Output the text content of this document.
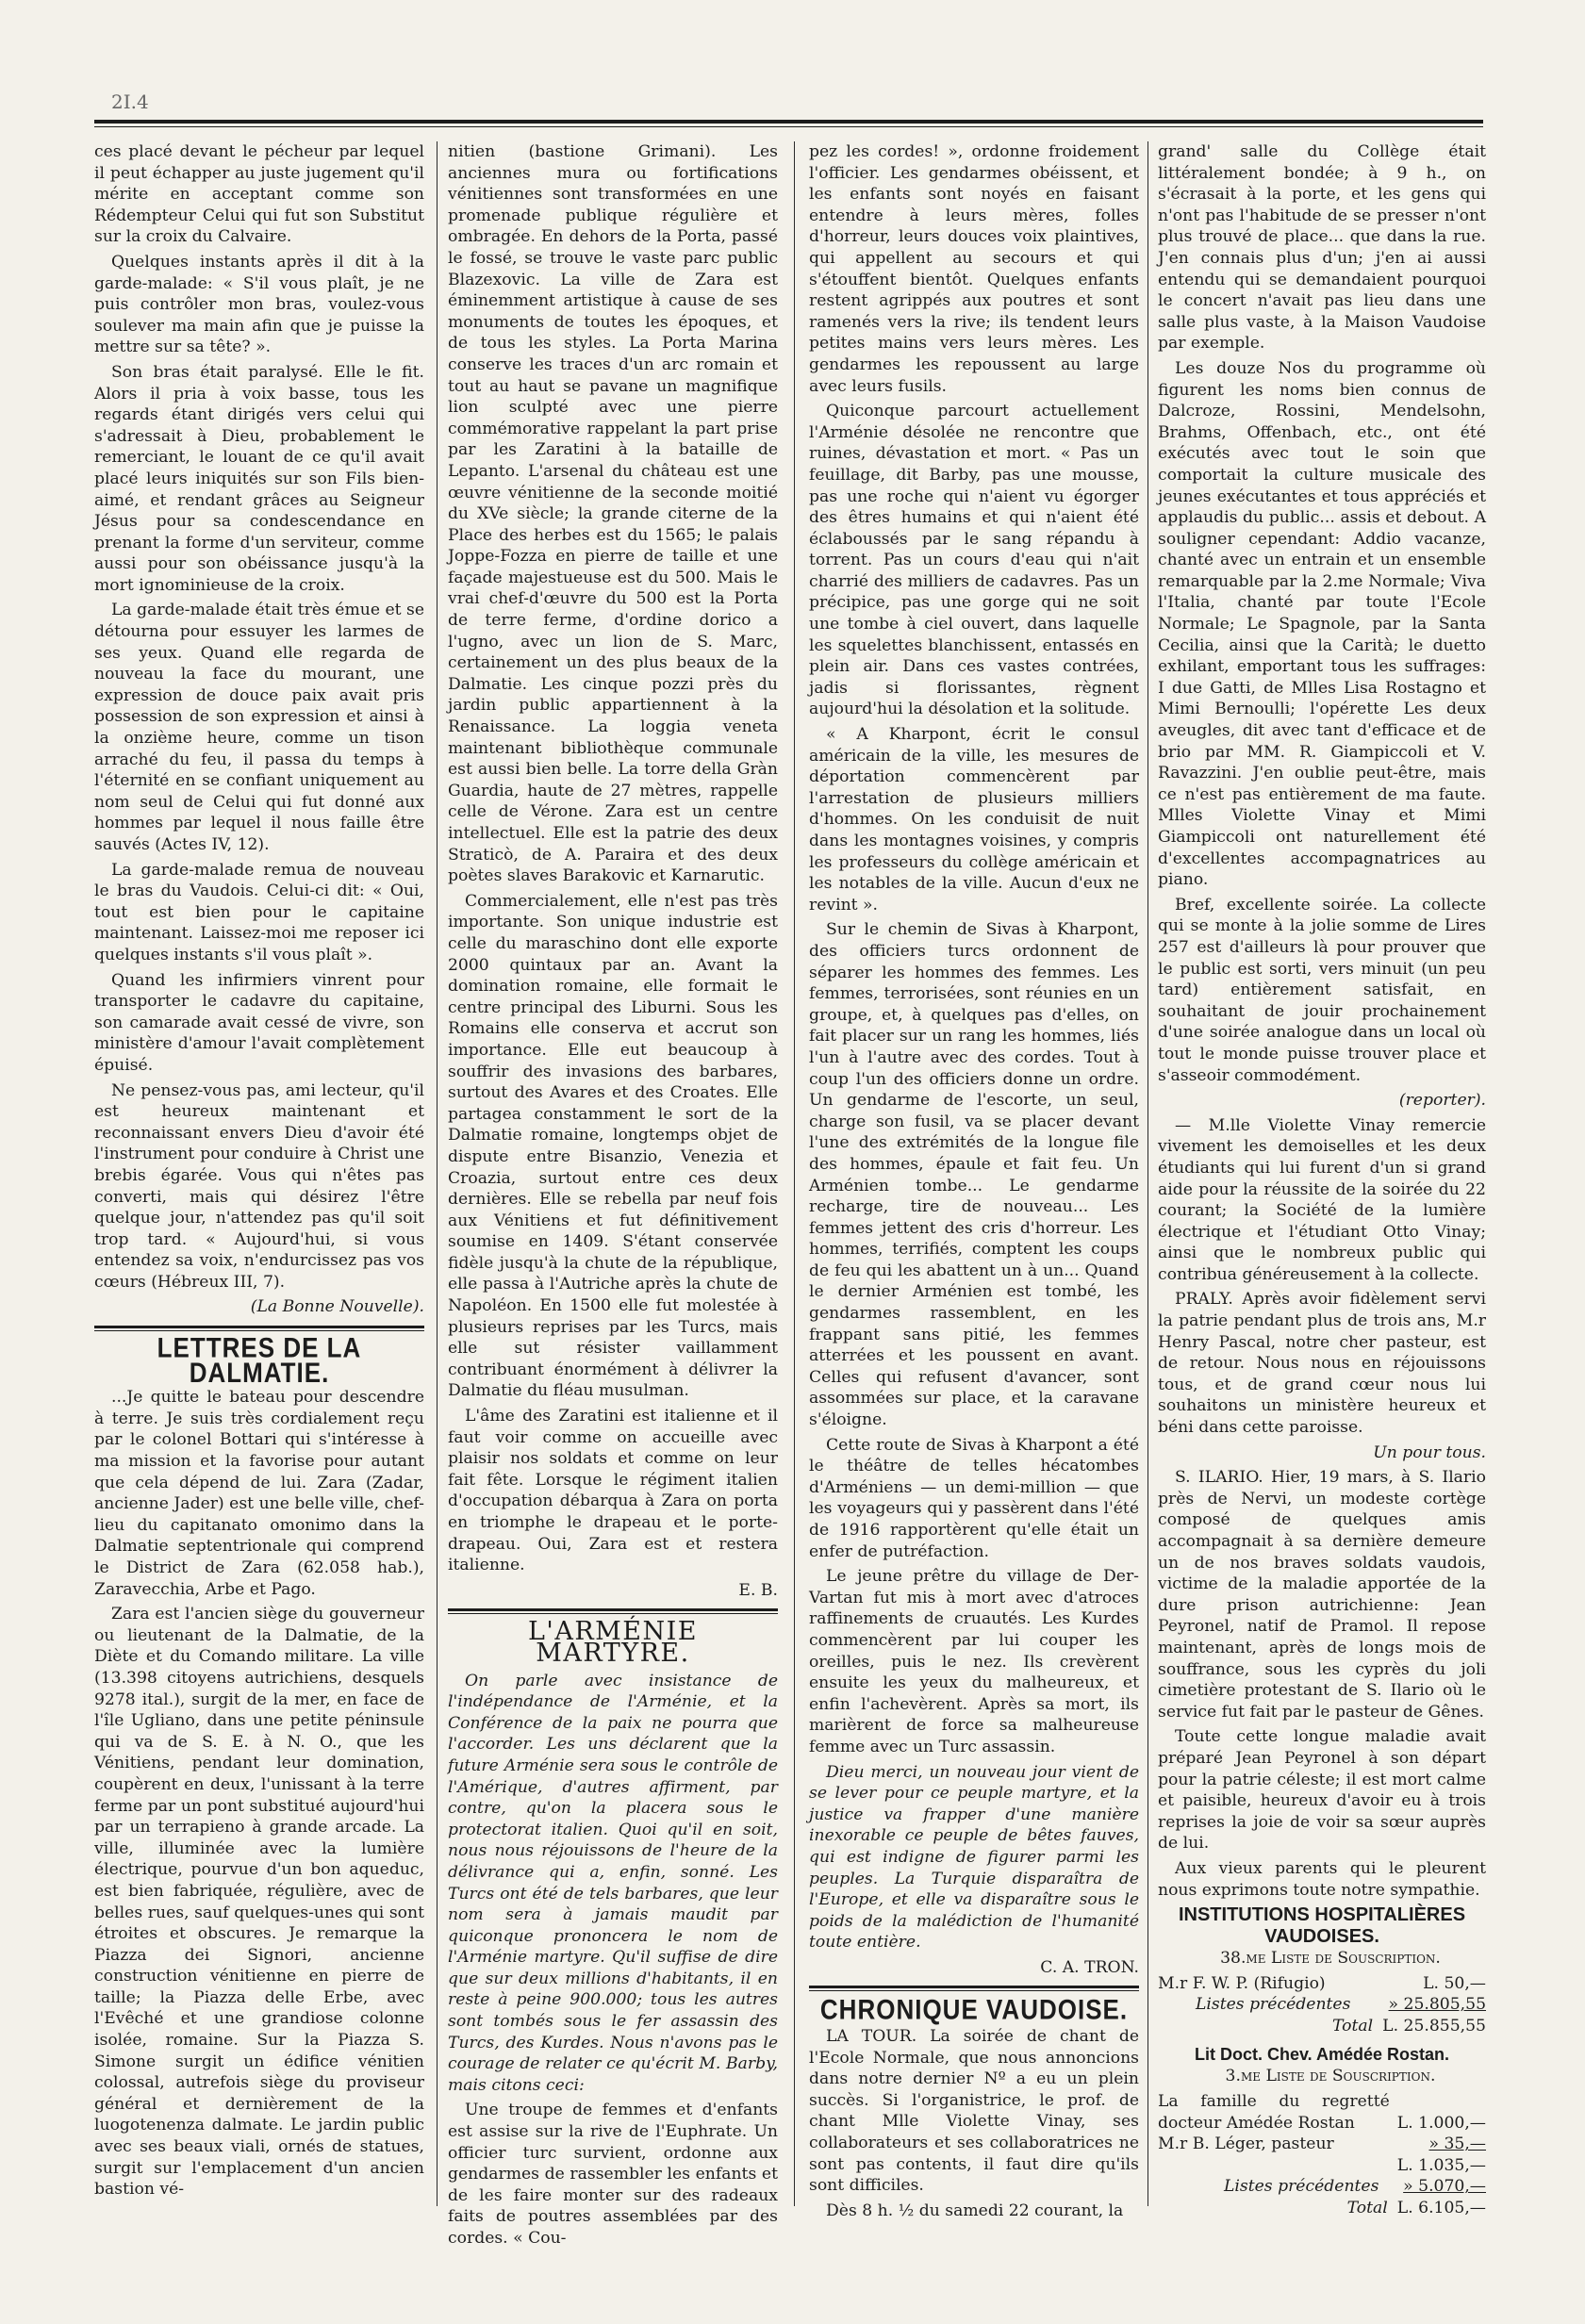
2I.4

ces placé devant le pécheur par lequel il peut échapper au juste jugement qu'il mérite en acceptant comme son Rédempteur Celui qui fut son Substitut sur la croix du Calvaire.

Quelques instants après il dit à la garde-malade: « S'il vous plaît, je ne puis contrôler mon bras, voulez-vous soulever ma main afin que je puisse la mettre sur sa tête? ».

Son bras était paralysé. Elle le fit. Alors il pria à voix basse, tous les regards étant dirigés vers celui qui s'adressait à Dieu, probablement le remerciant, le louant de ce qu'il avait placé leurs iniquités sur son Fils bien-aimé, et rendant grâces au Seigneur Jésus pour sa condescendance en prenant la forme d'un serviteur, comme aussi pour son obéissance jusqu'à la mort ignominieuse de la croix.

La garde-malade était très émue et se détourna pour essuyer les larmes de ses yeux. Quand elle regarda de nouveau la face du mourant, une expression de douce paix avait pris possession de son expression et ainsi à la onzième heure, comme un tison arraché du feu, il passa du temps à l'éternité en se confiant uniquement au nom seul de Celui qui fut donné aux hommes par lequel il nous faille être sauvés (Actes IV, 12).

La garde-malade remua de nouveau le bras du Vaudois. Celui-ci dit: « Oui, tout est bien pour le capitaine maintenant. Laissez-moi me reposer ici quelques instants s'il vous plaît ».

Quand les infirmiers vinrent pour transporter le cadavre du capitaine, son camarade avait cessé de vivre, son ministère d'amour l'avait complètement épuisé.

Ne pensez-vous pas, ami lecteur, qu'il est heureux maintenant et reconnaissant envers Dieu d'avoir été l'instrument pour conduire à Christ une brebis égarée. Vous qui n'êtes pas converti, mais qui désirez l'être quelque jour, n'attendez pas qu'il soit trop tard. « Aujourd'hui, si vous entendez sa voix, n'endurcissez pas vos cœurs (Hébreux III, 7).

(La Bonne Nouvelle).

LETTRES DE LA DALMATIE.

...Je quitte le bateau pour descendre à terre. Je suis très cordialement reçu par le colonel Bottari qui s'intéresse à ma mission et la favorise pour autant que cela dépend de lui. Zara (Zadar, ancienne Jader) est une belle ville, chef-lieu du capitanato omonimo dans la Dalmatie septentrionale qui comprend le District de Zara (62.058 hab.), Zaravecchia, Arbe et Pago.

Zara est l'ancien siège du gouverneur ou lieutenant de la Dalmatie, de la Diète et du Comando militare. La ville (13.398 citoyens autrichiens, desquels 9278 ital.), surgit de la mer, en face de l'île Ugliano, dans une petite péninsule qui va de S. E. à N. O., que les Vénitiens, pendant leur domination, coupèrent en deux, l'unissant à la terre ferme par un pont substitué aujourd'hui par un terrapieno à grande arcade. La ville, illuminée avec la lumière électrique, pourvue d'un bon aqueduc, est bien fabriquée, régulière, avec de belles rues, sauf quelques-unes qui sont étroites et obscures. Je remarque la Piazza dei Signori, ancienne construction vénitienne en pierre de taille; la Piazza delle Erbe, avec l'Evêché et une grandiose colonne isolée, romaine. Sur la Piazza S. Simone surgit un édifice vénitien colossal, autrefois siège du proviseur général et dernièrement de la luogotenenza dalmate. Le jardin public avec ses beaux viali, ornés de statues, surgit sur l'emplacement d'un ancien bastion vé-

nitien (bastione Grimani). Les anciennes mura ou fortifications vénitiennes sont transformées en une promenade publique régulière et ombragée. En dehors de la Porta, passé le fossé, se trouve le vaste parc public Blazexovic. La ville de Zara est éminemment artistique à cause de ses monuments de toutes les époques, et de tous les styles. La Porta Marina conserve les traces d'un arc romain et tout au haut se pavane un magnifique lion sculpté avec une pierre commémorative rappelant la part prise par les Zaratini à la bataille de Lepanto. L'arsenal du château est une œuvre vénitienne de la seconde moitié du XVe siècle; la grande citerne de la Place des herbes est du 1565; le palais Joppe-Fozza en pierre de taille et une façade majestueuse est du 500. Mais le vrai chef-d'œuvre du 500 est la Porta de terre ferme, d'ordine dorico a l'ugno, avec un lion de S. Marc, certainement un des plus beaux de la Dalmatie. Les cinque pozzi près du jardin public appartiennent à la Renaissance. La loggia veneta maintenant bibliothèque communale est aussi bien belle. La torre della Gràn Guardia, haute de 27 mètres, rappelle celle de Vérone. Zara est un centre intellectuel. Elle est la patrie des deux Straticò, de A. Paraira et des deux poètes slaves Barakovic et Karnarutic.

Commercialement, elle n'est pas très importante. Son unique industrie est celle du maraschino dont elle exporte 2000 quintaux par an. Avant la domination romaine, elle formait le centre principal des Liburni. Sous les Romains elle conserva et accrut son importance. Elle eut beaucoup à souffrir des invasions des barbares, surtout des Avares et des Croates. Elle partagea constamment le sort de la Dalmatie romaine, longtemps objet de dispute entre Bisanzio, Venezia et Croazia, surtout entre ces deux dernières. Elle se rebella par neuf fois aux Vénitiens et fut définitivement soumise en 1409. S'étant conservée fidèle jusqu'à la chute de la république, elle passa à l'Autriche après la chute de Napoléon. En 1500 elle fut molestée à plusieurs reprises par les Turcs, mais elle sut résister vaillamment contribuant énormément à délivrer la Dalmatie du fléau musulman.

L'âme des Zaratini est italienne et il faut voir comme on accueille avec plaisir nos soldats et comme on leur fait fête. Lorsque le régiment italien d'occupation débarqua à Zara on porta en triomphe le drapeau et le porte-drapeau. Oui, Zara est et restera italienne.

E. B.

L'ARMÉNIE MARTYRE.

On parle avec insistance de l'indépendance de l'Arménie, et la Conférence de la paix ne pourra que l'accorder. Les uns déclarent que la future Arménie sera sous le contrôle de l'Amérique, d'autres affirment, par contre, qu'on la placera sous le protectorat italien. Quoi qu'il en soit, nous nous réjouissons de l'heure de la délivrance qui a, enfin, sonné. Les Turcs ont été de tels barbares, que leur nom sera à jamais maudit par quiconque prononcera le nom de l'Arménie martyre. Qu'il suffise de dire que sur deux millions d'habitants, il en reste à peine 900.000; tous les autres sont tombés sous le fer assassin des Turcs, des Kurdes. Nous n'avons pas le courage de relater ce qu'écrit M. Barby, mais citons ceci:

Une troupe de femmes et d'enfants est assise sur la rive de l'Euphrate. Un officier turc survient, ordonne aux gendarmes de rassembler les enfants et de les faire monter sur des radeaux faits de poutres assemblées par des cordes. « Cou-

pez les cordes! », ordonne froidement l'officier. Les gendarmes obéissent, et les enfants sont noyés en faisant entendre à leurs mères, folles d'horreur, leurs douces voix plaintives, qui appellent au secours et qui s'étouffent bientôt. Quelques enfants restent agrippés aux poutres et sont ramenés vers la rive; ils tendent leurs petites mains vers leurs mères. Les gendarmes les repoussent au large avec leurs fusils.

Quiconque parcourt actuellement l'Arménie désolée ne rencontre que ruines, dévastation et mort. « Pas un feuillage, dit Barby, pas une mousse, pas une roche qui n'aient vu égorger des êtres humains et qui n'aient été éclaboussés par le sang répandu à torrent. Pas un cours d'eau qui n'ait charrié des milliers de cadavres. Pas un précipice, pas une gorge qui ne soit une tombe à ciel ouvert, dans laquelle les squelettes blanchissent, entassés en plein air. Dans ces vastes contrées, jadis si florissantes, règnent aujourd'hui la désolation et la solitude.

« A Kharpont, écrit le consul américain de la ville, les mesures de déportation commencèrent par l'arrestation de plusieurs milliers d'hommes. On les conduisit de nuit dans les montagnes voisines, y compris les professeurs du collège américain et les notables de la ville. Aucun d'eux ne revint ».

Sur le chemin de Sivas à Kharpont, des officiers turcs ordonnent de séparer les hommes des femmes. Les femmes, terrorisées, sont réunies en un groupe, et, à quelques pas d'elles, on fait placer sur un rang les hommes, liés l'un à l'autre avec des cordes. Tout à coup l'un des officiers donne un ordre. Un gendarme de l'escorte, un seul, charge son fusil, va se placer devant l'une des extrémités de la longue file des hommes, épaule et fait feu. Un Arménien tombe... Le gendarme recharge, tire de nouveau... Les femmes jettent des cris d'horreur. Les hommes, terrifiés, comptent les coups de feu qui les abattent un à un... Quand le dernier Arménien est tombé, les gendarmes rassemblent, en les frappant sans pitié, les femmes atterrées et les poussent en avant. Celles qui refusent d'avancer, sont assommées sur place, et la caravane s'éloigne.

Cette route de Sivas à Kharpont a été le théâtre de telles hécatombes d'Arméniens — un demi-million — que les voyageurs qui y passèrent dans l'été de 1916 rapportèrent qu'elle était un enfer de putréfaction.

Le jeune prêtre du village de Der-Vartan fut mis à mort avec d'atroces raffinements de cruautés. Les Kurdes commencèrent par lui couper les oreilles, puis le nez. Ils crevèrent ensuite les yeux du malheureux, et enfin l'achevèrent. Après sa mort, ils marièrent de force sa malheureuse femme avec un Turc assassin.

Dieu merci, un nouveau jour vient de se lever pour ce peuple martyre, et la justice va frapper d'une manière inexorable ce peuple de bêtes fauves, qui est indigne de figurer parmi les peuples. La Turquie disparaîtra de l'Europe, et elle va disparaître sous le poids de la malédiction de l'humanité toute entière.

C. A. TRON.

CHRONIQUE VAUDOISE.

LA TOUR. La soirée de chant de l'Ecole Normale, que nous annoncions dans notre dernier Nº a eu un plein succès. Si l'organistrice, le prof. de chant Mlle Violette Vinay, ses collaborateurs et ses collaboratrices ne sont pas contents, il faut dire qu'ils sont difficiles.

Dès 8 h. ½ du samedi 22 courant, la

grand' salle du Collège était littéralement bondée; à 9 h., on s'écrasait à la porte, et les gens qui n'ont pas l'habitude de se presser n'ont plus trouvé de place... que dans la rue. J'en connais plus d'un; j'en ai aussi entendu qui se demandaient pourquoi le concert n'avait pas lieu dans une salle plus vaste, à la Maison Vaudoise par exemple.

Les douze Nos du programme où figurent les noms bien connus de Dalcroze, Rossini, Mendelsohn, Brahms, Offenbach, etc., ont été exécutés avec tout le soin que comportait la culture musicale des jeunes exécutantes et tous appréciés et applaudis du public... assis et debout. A souligner cependant: Addio vacanze, chanté avec un entrain et un ensemble remarquable par la 2.me Normale; Viva l'Italia, chanté par toute l'Ecole Normale; Le Spagnole, par la Santa Cecilia, ainsi que la Carità; le duetto exhilant, emportant tous les suffrages: I due Gatti, de Mlles Lisa Rostagno et Mimi Bernoulli; l'opérette Les deux aveugles, dit avec tant d'efficace et de brio par MM. R. Giampiccoli et V. Ravazzini. J'en oublie peut-être, mais ce n'est pas entièrement de ma faute. Mlles Violette Vinay et Mimi Giampiccoli ont naturellement été d'excellentes accompagnatrices au piano.

Bref, excellente soirée. La collecte qui se monte à la jolie somme de Lires 257 est d'ailleurs là pour prouver que le public est sorti, vers minuit (un peu tard) entièrement satisfait, en souhaitant de jouir prochainement d'une soirée analogue dans un local où tout le monde puisse trouver place et s'asseoir commodément.

(reporter).

— M.lle Violette Vinay remercie vivement les demoiselles et les deux étudiants qui lui furent d'un si grand aide pour la réussite de la soirée du 22 courant; la Société de la lumière électrique et l'étudiant Otto Vinay; ainsi que le nombreux public qui contribua généreusement à la collecte.

PRALY. Après avoir fidèlement servi la patrie pendant plus de trois ans, M.r Henry Pascal, notre cher pasteur, est de retour. Nous nous en réjouissons tous, et de grand cœur nous lui souhaitons un ministère heureux et béni dans cette paroisse.

Un pour tous.

S. ILARIO. Hier, 19 mars, à S. Ilario près de Nervi, un modeste cortège composé de quelques amis accompagnait à sa dernière demeure un de nos braves soldats vaudois, victime de la maladie apportée de la dure prison autrichienne: Jean Peyronel, natif de Pramol. Il repose maintenant, après de longs mois de souffrance, sous les cyprès du joli cimetière protestant de S. Ilario où le service fut fait par le pasteur de Gênes.

Toute cette longue maladie avait préparé Jean Peyronel à son départ pour la patrie céleste; il est mort calme et paisible, heureux d'avoir eu à trois reprises la joie de voir sa sœur auprès de lui.

Aux vieux parents qui le pleurent nous exprimons toute notre sympathie.

INSTITUTIONS HOSPITALIÈRES VAUDOISES.

38.me Liste de Souscription.

M.r F. W. P. (Rifugio)	L. 50,—
Listes précédentes	» 25.805,55
Total L. 25.855,55
Lit Doct. Chev. Amédée Rostan.

3.me Liste de Souscription.

La famille du regretté docteur Amédée Rostan	L. 1.000,—
M.r B. Léger, pasteur	» 35,—
L. 1.035,—
Listes précédentes	» 5.070,—
Total L. 6.105,—
